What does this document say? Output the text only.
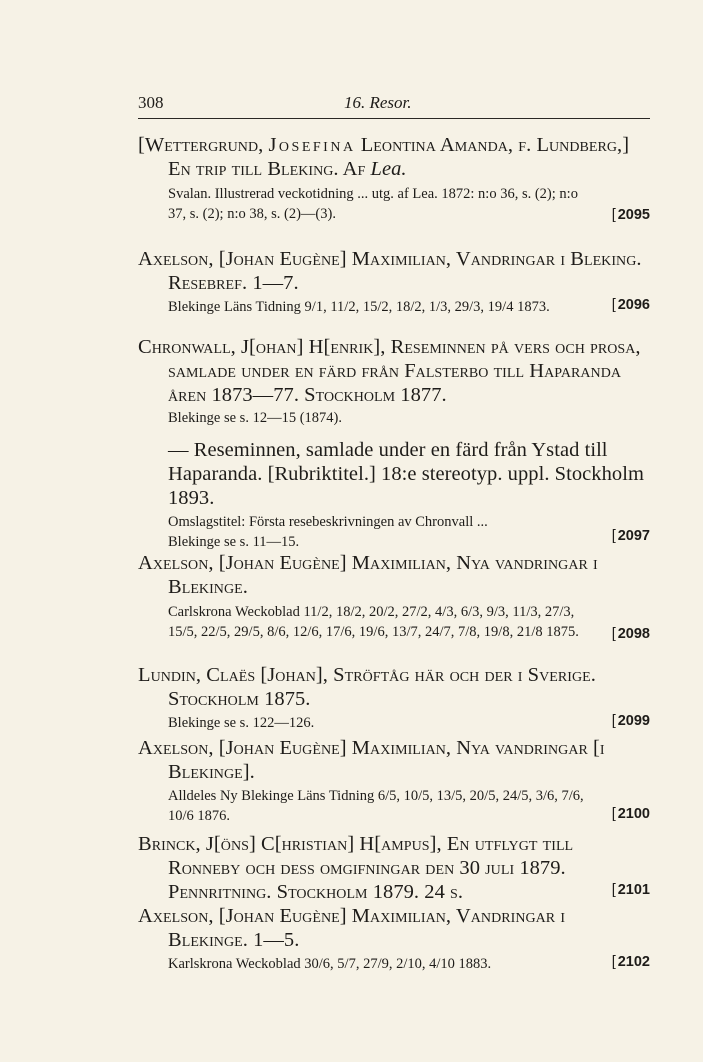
308	16. Resor.
[Wettergrund, Josefina Leontina Amanda, f. Lundberg,] En trip till Bleking. Af Lea.
Svalan. Illustrerad veckotidning ... utg. af Lea. 1872: n:o 36, s. (2); n:o 37, s. (2); n:o 38, s. (2)—(3).	[ 2095
Axelson, [Johan Eugène] Maximilian, Vandringar i Bleking. Resebref. 1—7.
Blekinge Läns Tidning 9/1, 11/2, 15/2, 18/2, 1/3, 29/3, 19/4 1873.	[ 2096
Chronwall, J[ohan] H[enrik], Reseminnen på vers och prosa, samlade under en färd från Falsterbo till Haparanda åren 1873—77. Stockholm 1877.
Blekinge se s. 12—15 (1874).
— Reseminnen, samlade under en färd från Ystad till Haparanda. [Rubriktitel.] 18:e stereotyp. uppl. Stockholm 1893.
Omslagstitel: Första resebeskrivningen av Chronvall ...
Blekinge se s. 11—15.	[ 2097
Axelson, [Johan Eugène] Maximilian, Nya vandringar i Blekinge.
Carlskrona Weckoblad 11/2, 18/2, 20/2, 27/2, 4/3, 6/3, 9/3, 11/3, 27/3, 15/5, 22/5, 29/5, 8/6, 12/6, 17/6, 19/6, 13/7, 24/7, 7/8, 19/8, 21/8 1875.	[ 2098
Lundin, Claës [Johan], Ströftåg här och der i Sverige. Stockholm 1875.
Blekinge se s. 122—126.	[ 2099
Axelson, [Johan Eugène] Maximilian, Nya vandringar [i Blekinge].
Alldeles Ny Blekinge Läns Tidning 6/5, 10/5, 13/5, 20/5, 24/5, 3/6, 7/6, 10/6 1876.	[ 2100
Brinck, J[öns] C[hristian] H[ampus], En utflygt till Ronneby och dess omgifningar den 30 juli 1879. Pennritning. Stockholm 1879. 24 s.	[ 2101
Axelson, [Johan Eugène] Maximilian, Vandringar i Blekinge. 1—5.
Karlskrona Weckoblad 30/6, 5/7, 27/9, 2/10, 4/10 1883.	[ 2102
